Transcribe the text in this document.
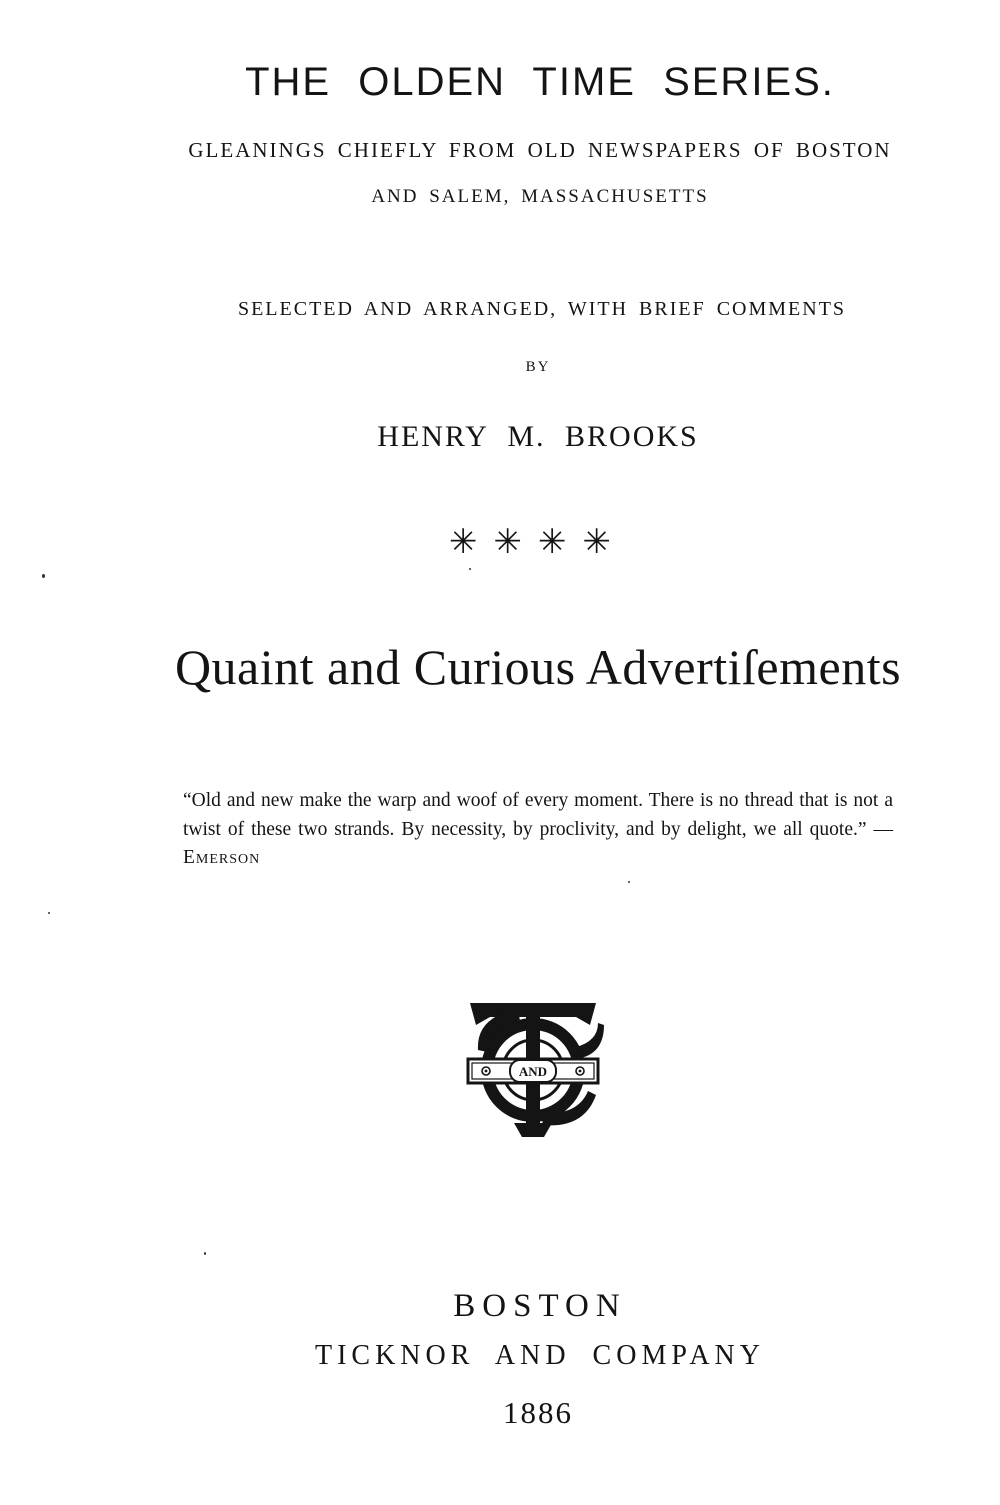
THE OLDEN TIME SERIES.
GLEANINGS CHIEFLY FROM OLD NEWSPAPERS OF BOSTON
AND SALEM, MASSACHUSETTS
SELECTED AND ARRANGED, WITH BRIEF COMMENTS
BY
HENRY M. BROOKS
✳✳✳✳
Quaint and Curious Advertiſements
“Old and new make the warp and woof of every moment. There is no thread that is not a twist of these two strands. By necessity, by proclivity, and by delight, we all quote.” — Emerson
AND
BOSTON
TICKNOR AND COMPANY
1886
